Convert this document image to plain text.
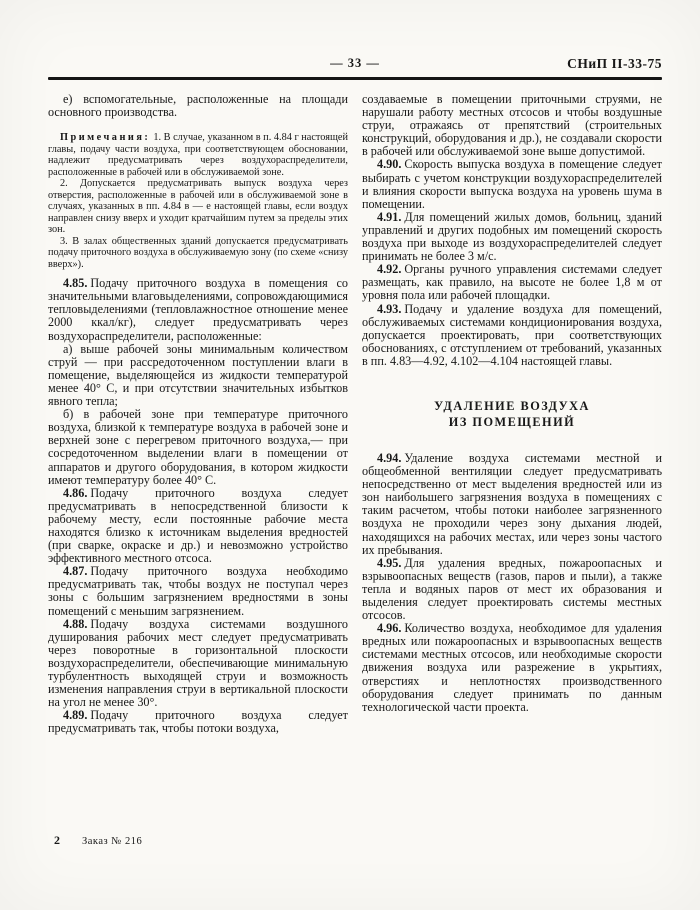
— 33 —	СНиП II-33-75

е) вспомогательные, расположенные на площади основного производства.

Примечания: 1. В случае, указанном в п. 4.84 г настоящей главы, подачу части воздуха, при соответствующем обосновании, надлежит предусматривать через воздухораспределители, расположенные в рабочей или в обслуживаемой зоне.

2. Допускается предусматривать выпуск воздуха через отверстия, расположенные в рабочей или в обслуживаемой зоне в случаях, указанных в пп. 4.84 в — е настоящей главы, если воздух направлен снизу вверх и уходит кратчайшим путем за пределы этих зон.

3. В залах общественных зданий допускается предусматривать подачу приточного воздуха в обслуживаемую зону (по схеме «снизу вверх»).

4.85. Подачу приточного воздуха в помещения со значительными влаговыделениями, сопровождающимися тепловыделениями (тепловлажностное отношение менее 2000 ккал/кг), следует предусматривать через воздухораспределители, расположенные:

а) выше рабочей зоны минимальным количеством струй — при рассредоточенном поступлении влаги в помещение, выделяющейся из жидкости температурой менее 40° С, и при отсутствии значительных избытков явного тепла;

б) в рабочей зоне при температуре приточного воздуха, близкой к температуре воздуха в рабочей зоне и верхней зоне с перегревом приточного воздуха,— при сосредоточенном выделении влаги в помещении от аппаратов и другого оборудования, в котором жидкости имеют температуру более 40° С.

4.86. Подачу приточного воздуха следует предусматривать в непосредственной близости к рабочему месту, если постоянные рабочие места находятся близко к источникам выделения вредностей (при сварке, окраске и др.) и невозможно устройство эффективного местного отсоса.

4.87. Подачу приточного воздуха необходимо предусматривать так, чтобы воздух не поступал через зоны с большим загрязнением вредностями в зоны помещений с меньшим загрязнением.

4.88. Подачу воздуха системами воздушного душирования рабочих мест следует предусматривать через поворотные в горизонтальной плоскости воздухораспределители, обеспечивающие минимальную турбулентность выходящей струи и возможность изменения направления струи в вертикальной плоскости на угол не менее 30°.

4.89. Подачу приточного воздуха следует предусматривать так, чтобы потоки воздуха,

создаваемые в помещении приточными струями, не нарушали работу местных отсосов и чтобы воздушные струи, отражаясь от препятствий (строительных конструкций, оборудования и др.), не создавали скорости в рабочей или обслуживаемой зоне выше допустимой.

4.90. Скорость выпуска воздуха в помещение следует выбирать с учетом конструкции воздухораспределителей и влияния скорости выпуска воздуха на уровень шума в помещении.

4.91. Для помещений жилых домов, больниц, зданий управлений и других подобных им помещений скорость воздуха при выходе из воздухораспределителей следует принимать не более 3 м/с.

4.92. Органы ручного управления системами следует размещать, как правило, на высоте не более 1,8 м от уровня пола или рабочей площадки.

4.93. Подачу и удаление воздуха для помещений, обслуживаемых системами кондиционирования воздуха, допускается проектировать, при соответствующих обоснованиях, с отступлением от требований, указанных в пп. 4.83—4.92, 4.102—4.104 настоящей главы.

УДАЛЕНИЕ ВОЗДУХА
ИЗ ПОМЕЩЕНИЙ

4.94. Удаление воздуха системами местной и общеобменной вентиляции следует предусматривать непосредственно от мест выделения вредностей или из зон наибольшего загрязнения воздуха в помещениях с таким расчетом, чтобы потоки наиболее загрязненного воздуха не проходили через зону дыхания людей, находящихся на рабочих местах, или через зоны частого их пребывания.

4.95. Для удаления вредных, пожароопасных и взрывоопасных веществ (газов, паров и пыли), а также тепла и водяных паров от мест их образования и выделения следует проектировать системы местных отсосов.

4.96. Количество воздуха, необходимое для удаления вредных или пожароопасных и взрывоопасных веществ системами местных отсосов, или необходимые скорости движения воздуха или разрежение в укрытиях, отверстиях и неплотностях производственного оборудования следует принимать по данным технологической части проекта.

2 Заказ № 216
